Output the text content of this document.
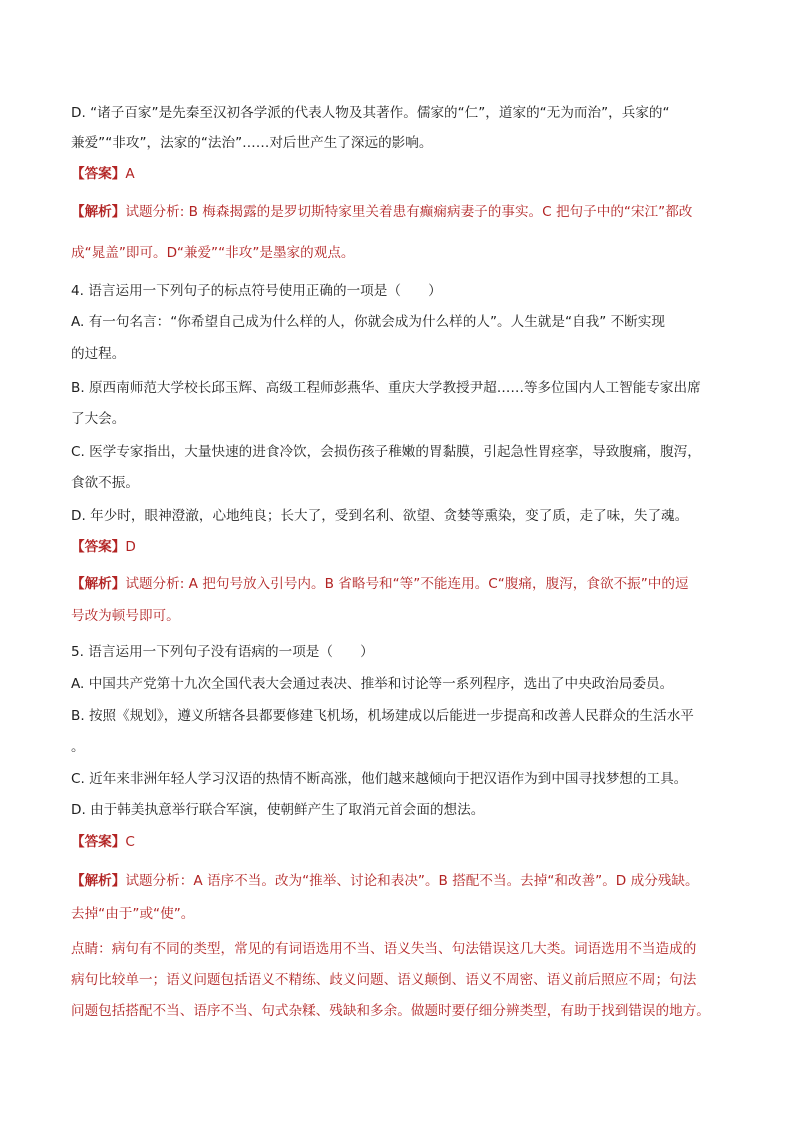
D. “诸子百家”是先秦至汉初各学派的代表人物及其著作。儒家的“仁”，道家的“无为而治”，兵家的“
兼爱”“非攻”，法家的“法治”……对后世产生了深远的影响。
【答案】A
【解析】试题分析: B 梅森揭露的是罗切斯特家里关着患有癫痫病妻子的事实。C 把句子中的“宋江”都改
成“晁盖”即可。D“兼爱”“非攻”是墨家的观点。
4. 语言运用一下列句子的标点符号使用正确的一项是（　　）
A. 有一句名言：“你希望自己成为什么样的人，你就会成为什么样的人”。人生就是“自我” 不断实现
的过程。
B. 原西南师范大学校长邱玉辉、高级工程师彭燕华、重庆大学教授尹超……等多位国内人工智能专家出席
了大会。
C. 医学专家指出，大量快速的进食冷饮，会损伤孩子稚嫩的胃黏膜，引起急性胃痉挛，导致腹痛，腹泻，
食欲不振。
D. 年少时，眼神澄澈，心地纯良；长大了，受到名利、欲望、贪婪等熏染，变了质，走了味，失了魂。
【答案】D
【解析】试题分析: A 把句号放入引号内。B 省略号和“等”不能连用。C“腹痛，腹泻，食欲不振”中的逗
号改为顿号即可。
5. 语言运用一下列句子没有语病的一项是（　　）
A. 中国共产党第十九次全国代表大会通过表决、推举和讨论等一系列程序，选出了中央政治局委员。
B. 按照《规划》，遵义所辖各县都要修建飞机场，机场建成以后能进一步提高和改善人民群众的生活水平
。
C. 近年来非洲年轻人学习汉语的热情不断高涨，他们越来越倾向于把汉语作为到中国寻找梦想的工具。
D. 由于韩美执意举行联合军演，使朝鲜产生了取消元首会面的想法。
【答案】C
【解析】试题分析：A 语序不当。改为“推举、讨论和表决”。B 搭配不当。去掉“和改善”。D 成分残缺。
去掉“由于”或“使”。
点睛：病句有不同的类型，常见的有词语选用不当、语义失当、句法错误这几大类。词语选用不当造成的
病句比较单一；语义问题包括语义不精练、歧义问题、语义颠倒、语义不周密、语义前后照应不周；句法
问题包括搭配不当、语序不当、句式杂糅、残缺和多余。做题时要仔细分辨类型，有助于找到错误的地方。
